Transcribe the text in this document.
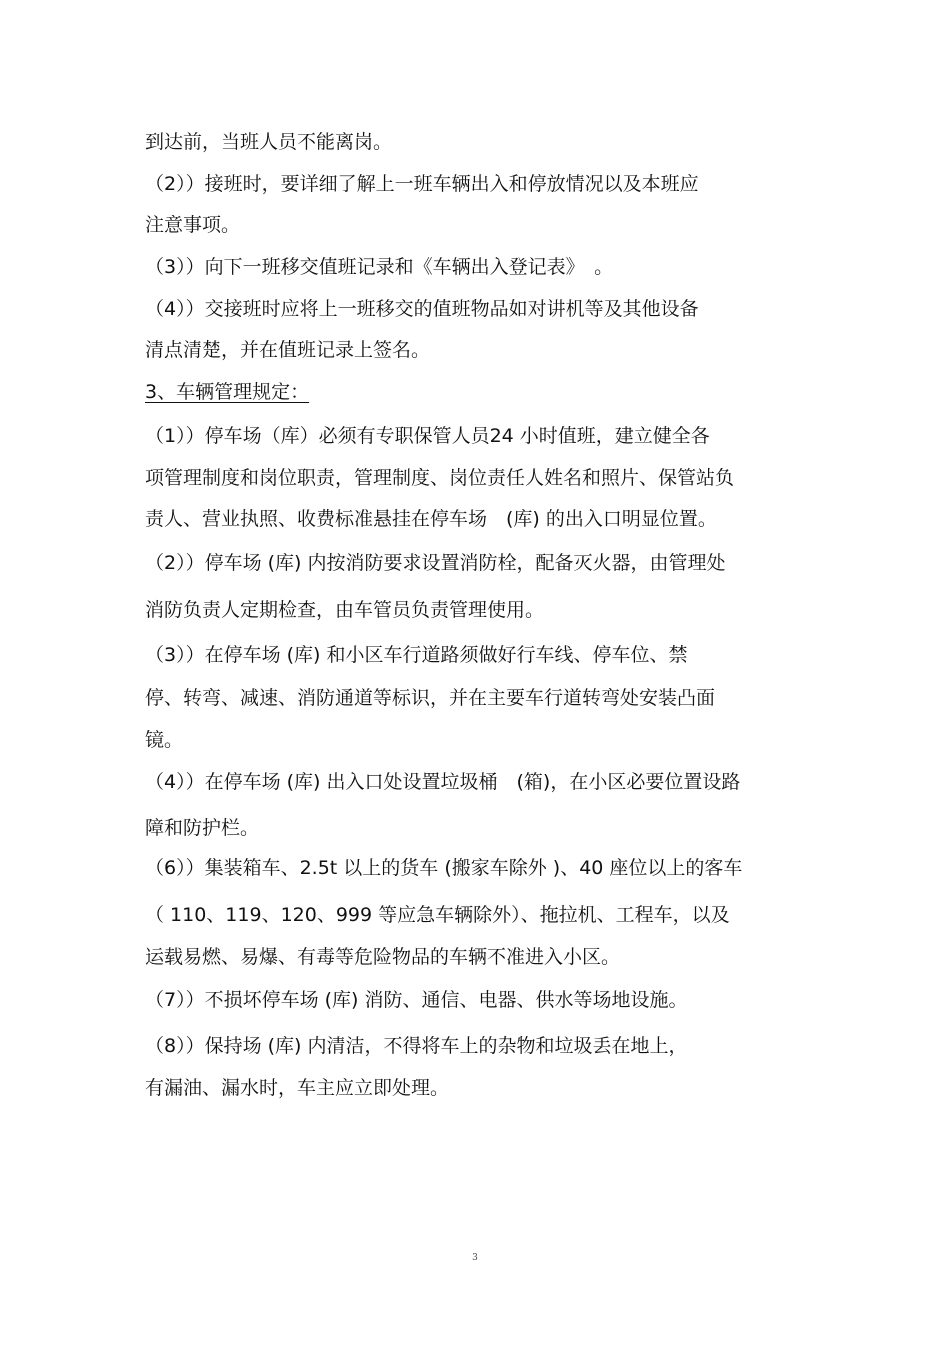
到达前，当班人员不能离岗。
（2））接班时，要详细了解上一班车辆出入和停放情况以及本班应
注意事项。
（3））向下一班移交值班记录和《车辆出入登记表》　。
（4））交接班时应将上一班移交的值班物品如对讲机等及其他设备
清点清楚，并在值班记录上签名。
3、车辆管理规定：
（1））停车场（库）必须有专职保管人员24 小时值班，建立健全各
项管理制度和岗位职责，管理制度、岗位责任人姓名和照片、保管站负
责人、营业执照、收费标准悬挂在停车场　(库) 的出入口明显位置。
（2））停车场 (库) 内按消防要求设置消防栓，配备灭火器，由管理处
消防负责人定期检查，由车管员负责管理使用。
（3））在停车场 (库) 和小区车行道路须做好行车线、停车位、禁
停、转弯、减速、消防通道等标识，并在主要车行道转弯处安装凸面
镜。
（4））在停车场 (库) 出入口处设置垃圾桶　(箱)，在小区必要位置设路
障和防护栏。
（6））集装箱车、2.5t 以上的货车 (搬家车除外 )、40 座位以上的客车
（ 110、119、120、999 等应急车辆除外）、拖拉机、工程车，以及
运载易燃、易爆、有毒等危险物品的车辆不准进入小区。
（7））不损坏停车场 (库) 消防、通信、电器、供水等场地设施。
（8））保持场 (库) 内清洁，不得将车上的杂物和垃圾丢在地上，
有漏油、漏水时，车主应立即处理。
3
